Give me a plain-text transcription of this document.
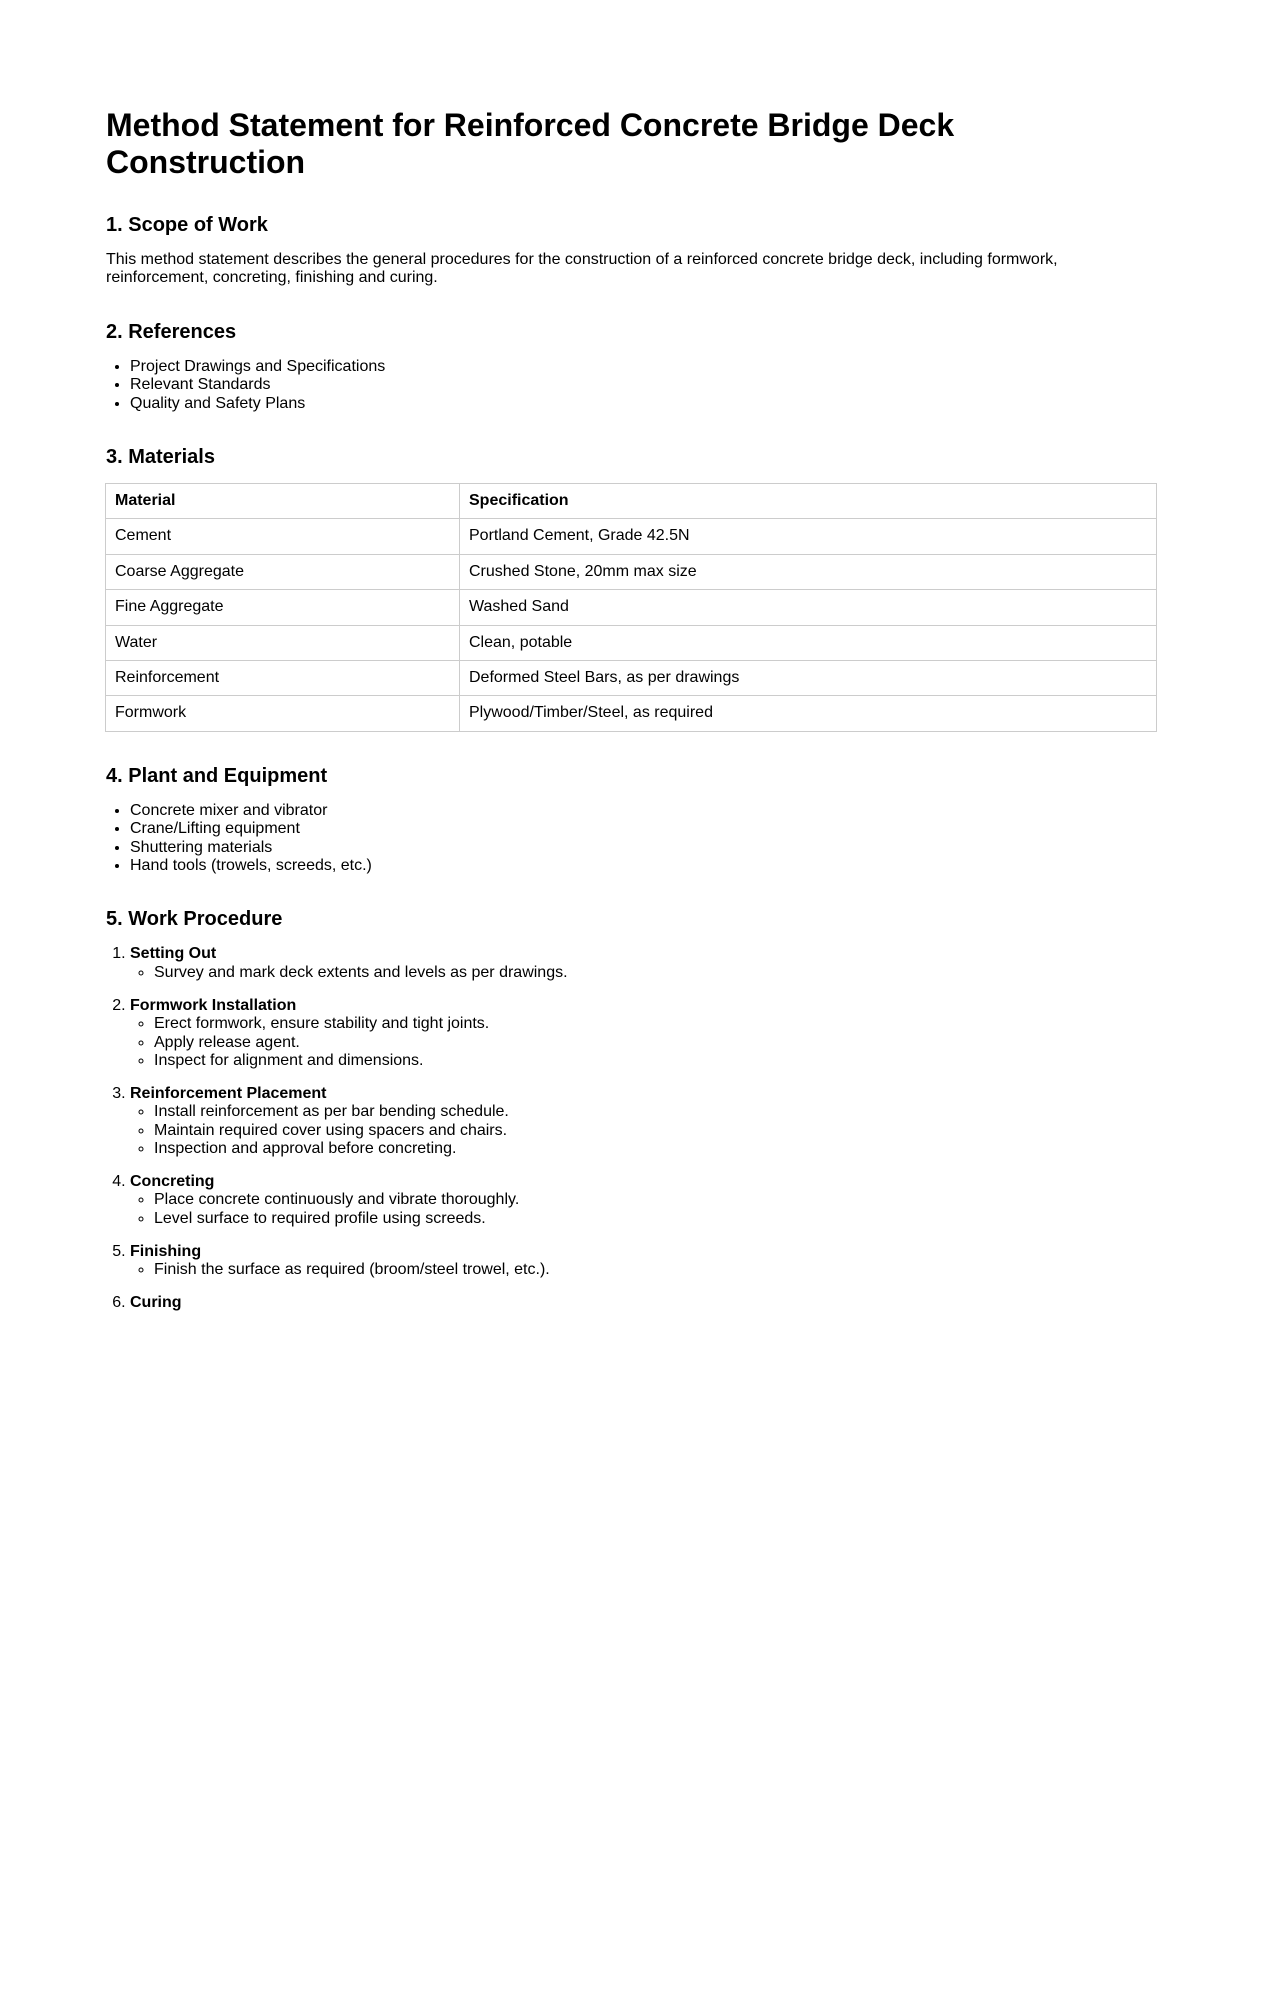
Method Statement for Reinforced Concrete Bridge Deck Construction
1. Scope of Work

This method statement describes the general procedures for the construction of a reinforced concrete bridge deck, including formwork, reinforcement, concreting, finishing and curing.

2. References
• Project Drawings and Specifications
• Relevant Standards
• Quality and Safety Plans
3. Materials
Material	Specification
Cement	Portland Cement, Grade 42.5N
Coarse Aggregate	Crushed Stone, 20mm max size
Fine Aggregate	Washed Sand
Water	Clean, potable
Reinforcement	Deformed Steel Bars, as per drawings
Formwork	Plywood/Timber/Steel, as required
4. Plant and Equipment
• Concrete mixer and vibrator
• Crane/Lifting equipment
• Shuttering materials
• Hand tools (trowels, screeds, etc.)
5. Work Procedure
1. Setting Out
◦ Survey and mark deck extents and levels as per drawings.
2. Formwork Installation
◦ Erect formwork, ensure stability and tight joints.
◦ Apply release agent.
◦ Inspect for alignment and dimensions.
3. Reinforcement Placement
◦ Install reinforcement as per bar bending schedule.
◦ Maintain required cover using spacers and chairs.
◦ Inspection and approval before concreting.
4. Concreting
◦ Place concrete continuously and vibrate thoroughly.
◦ Level surface to required profile using screeds.
5. Finishing
◦ Finish the surface as required (broom/steel trowel, etc.).
6. Curing
